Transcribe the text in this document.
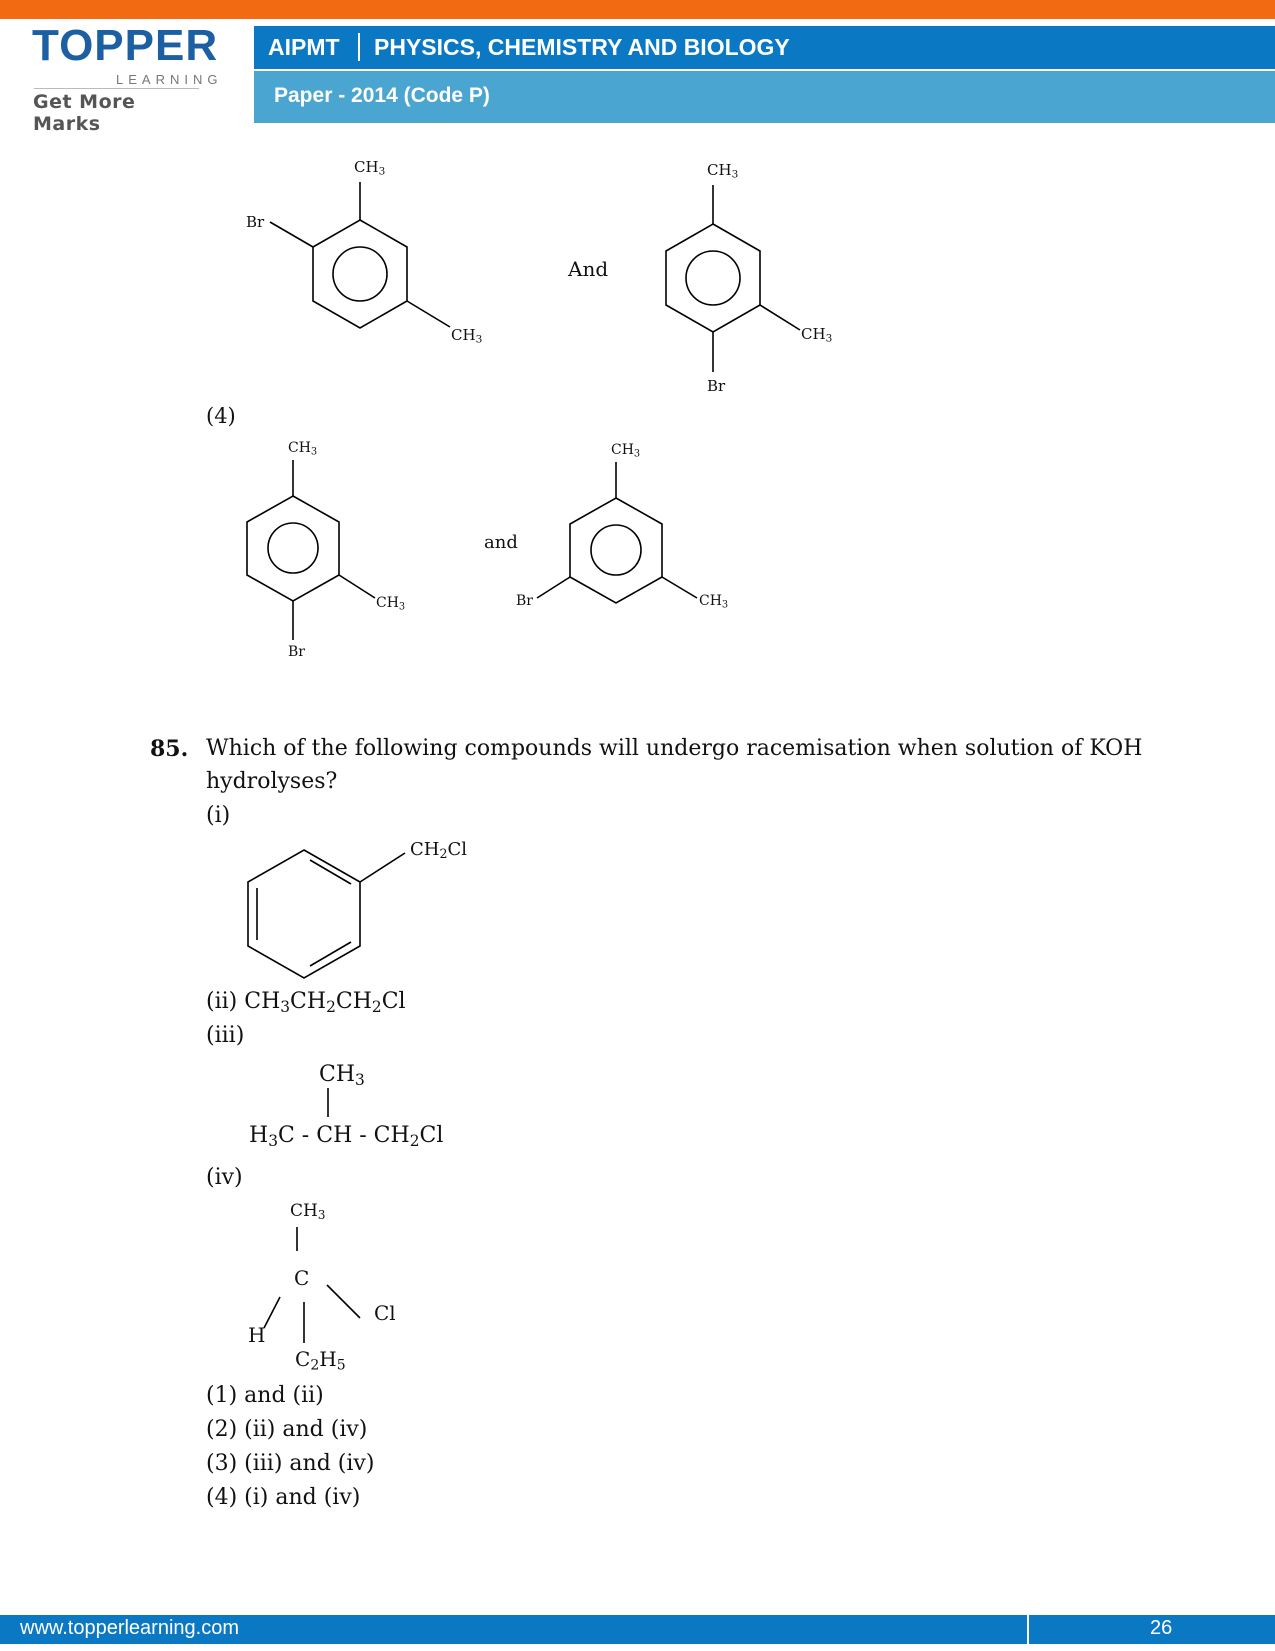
TOPPER
LEARNING
Get More Marks
AIPMT PHYSICS, CHEMISTRY AND BIOLOGY
Paper - 2014 (Code P)
$CH_3$
Br
$CH_3$
And
$CH_3$
$CH_3$
Br
(4)
$CH_3$
$CH_3$
Br
and
$CH_3$
Br	$CH_3$
85. Which of the following compounds will undergo racemisation when solution of KOH
hydrolyses?
(i)
$CH_2Cl$
(ii) $CH_3CH_2CH_2Cl$
(iii)
$CH_3$
$H_3C$ - CH - $CH_2Cl$
(iv)
$CH_3$
C
H
Cl
$C_2H_5$
(1) and (ii)
(2) (ii) and (iv)
(3) (iii) and (iv)
(4) (i) and (iv)
www.topperlearning.com	26
